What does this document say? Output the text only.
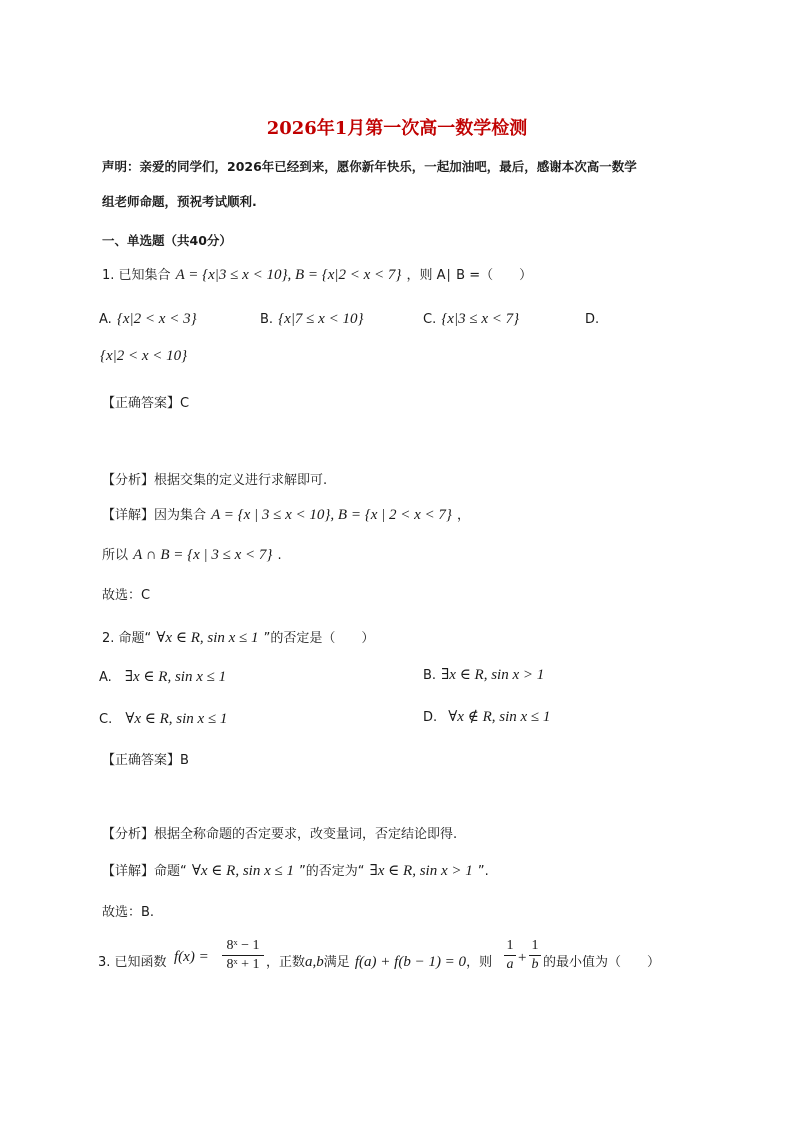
2026年1月第一次高一数学检测
声明：亲爱的同学们，2026年已经到来，愿你新年快乐，一起加油吧，最后，感谢本次高一数学
组老师命题，预祝考试顺利.
一、单选题（共40分）
1. 已知集合 A = {x|3 ≤ x < 10}, B = {x|2 < x < 7} ，则 A∣ B =（　　）
A. {x|2 < x < 3}	B. {x|7 ≤ x < 10}	C. {x|3 ≤ x < 7}	D.
{x|2 < x < 10}
【正确答案】C
【分析】根据交集的定义进行求解即可.
【详解】因为集合 A = {x | 3 ≤ x < 10}, B = {x | 2 < x < 7} ，
所以 A ∩ B = {x | 3 ≤ x < 7} .
故选：C
2. 命题“ ∀x ∈ R, sin x ≤ 1 ”的否定是（　　）
A. ∃x ∈ R, sin x ≤ 1	B. ∃x ∈ R, sin x > 1
C. ∀x ∈ R, sin x ≤ 1	D. ∀x ∉ R, sin x ≤ 1
【正确答案】B
【分析】根据全称命题的否定要求，改变量词，否定结论即得.
【详解】命题“ ∀x ∈ R, sin x ≤ 1 ”的否定为“ ∃x ∈ R, sin x > 1 ”.
故选：B.
3. 已知函数 f(x) =
8ˣ − 1
8ˣ + 1 ，正数a,b满足 f(a) + f(b − 1) = 0，则
1
a +
1
b 的最小值为（　　）
